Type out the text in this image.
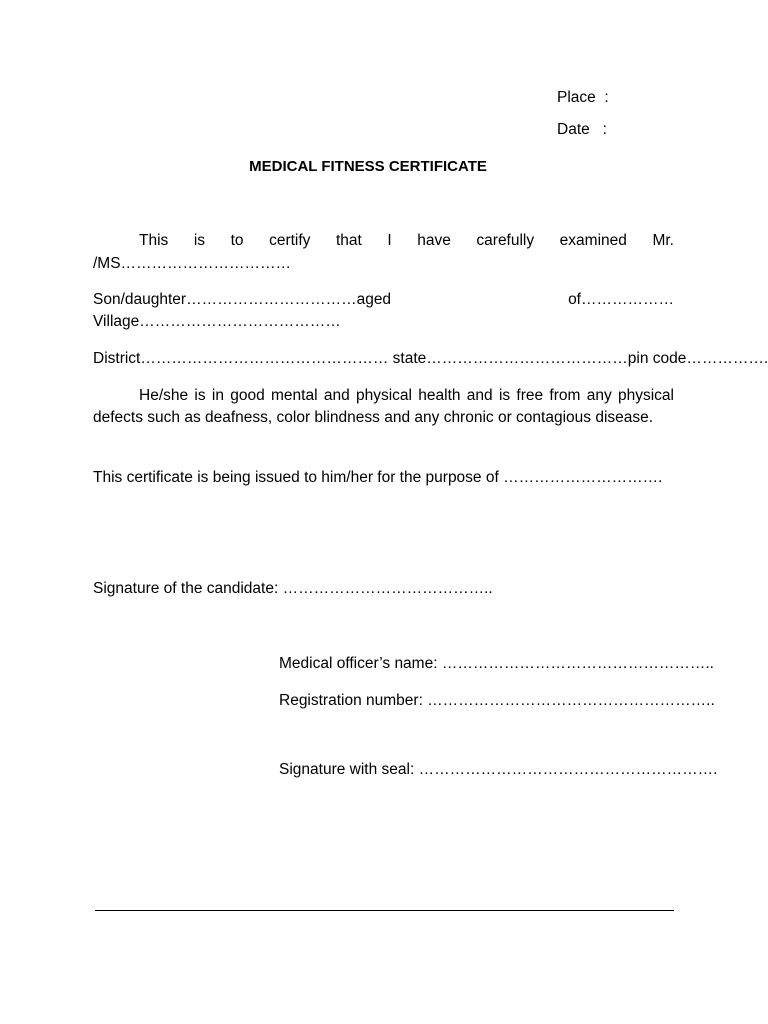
Place  :
Date   :
MEDICAL FITNESS CERTIFICATE
This is to certify that I have carefully examined Mr.
/MS……………………………
Son/daughter……………………………aged	of………………
Village…………………………………
District………………………………………… state…………………………………pin code…………….
He/she is in good mental and physical health and is free from any physical defects such as deafness, color blindness and any chronic or contagious disease.
This certificate is being issued to him/her for the purpose of ………………………….
Signature of the candidate: …………………………………..
Medical officer’s name: ……………………………………………..
Registration number: ………………………………………………..
Signature with seal: ………………………………………………….
